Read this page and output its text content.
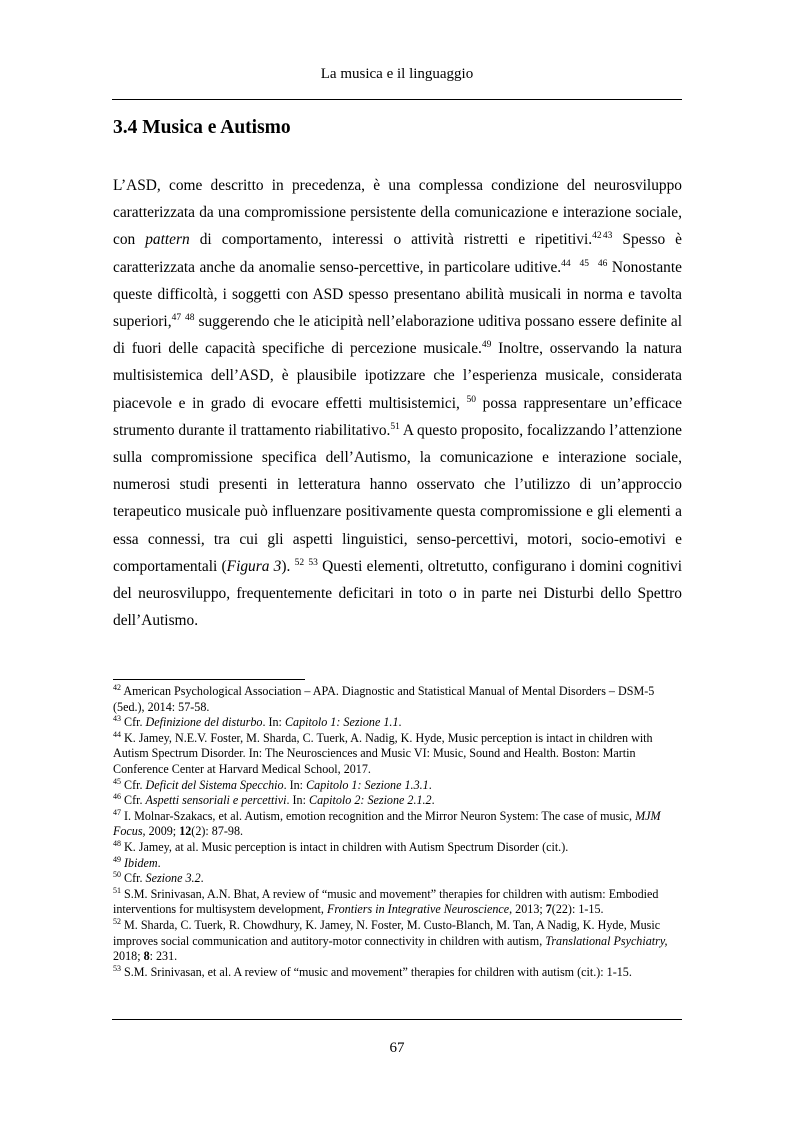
La musica e il linguaggio
3.4 Musica e Autismo

L’ASD, come descritto in precedenza, è una complessa condizione del neurosviluppo caratterizzata da una compromissione persistente della comunicazione e interazione sociale, con pattern di comportamento, interessi o attività ristretti e ripetitivi.$^{42}$ $^{43}$ Spesso è caratterizzata anche da anomalie senso-percettive, in particolare uditive.$^{44}$ $^{45}$ $^{46}$ Nonostante queste difficoltà, i soggetti con ASD spesso presentano abilità musicali in norma e tavolta superiori,$^{47}$ $^{48}$ suggerendo che le aticipità nell’elaborazione uditiva possano essere definite al di fuori delle capacità specifiche di percezione musicale.$^{49}$ Inoltre, osservando la natura multisistemica dell’ASD, è plausibile ipotizzare che l’esperienza musicale, considerata piacevole e in grado di evocare effetti multisistemici, $^{50}$ possa rappresentare un’efficace strumento durante il trattamento riabilitativo.$^{51}$ A questo proposito, focalizzando l’attenzione sulla compromissione specifica dell’Autismo, la comunicazione e interazione sociale, numerosi studi presenti in letteratura hanno osservato che l’utilizzo di un’approccio terapeutico musicale può influenzare positivamente questa compromissione e gli elementi a essa connessi, tra cui gli aspetti linguistici, senso-percettivi, motori, socio-emotivi e comportamentali (Figura 3). $^{52}$ $^{53}$ Questi elementi, oltretutto, configurano i domini cognitivi del neurosviluppo, frequentemente deficitari in toto o in parte nei Disturbi dello Spettro dell’Autismo.

$^{42}$ American Psychological Association – APA. Diagnostic and Statistical Manual of Mental Disorders – DSM-5 (5ed.), 2014: 57-58.
$^{43}$ Cfr. Definizione del disturbo. In: Capitolo 1: Sezione 1.1.
$^{44}$ K. Jamey, N.E.V. Foster, M. Sharda, C. Tuerk, A. Nadig, K. Hyde, Music perception is intact in children with Autism Spectrum Disorder. In: The Neurosciences and Music VI: Music, Sound and Health. Boston: Martin Conference Center at Harvard Medical School, 2017.
$^{45}$ Cfr. Deficit del Sistema Specchio. In: Capitolo 1: Sezione 1.3.1.
$^{46}$ Cfr. Aspetti sensoriali e percettivi. In: Capitolo 2: Sezione 2.1.2.
$^{47}$ I. Molnar-Szakacs, et al. Autism, emotion recognition and the Mirror Neuron System: The case of music, MJM Focus, 2009; 12(2): 87-98.
$^{48}$ K. Jamey, at al. Music perception is intact in children with Autism Spectrum Disorder (cit.).
$^{49}$ Ibidem.
$^{50}$ Cfr. Sezione 3.2.
$^{51}$ S.M. Srinivasan, A.N. Bhat, A review of “music and movement” therapies for children with autism: Embodied interventions for multisystem development, Frontiers in Integrative Neuroscience, 2013; 7(22): 1-15.
$^{52}$ M. Sharda, C. Tuerk, R. Chowdhury, K. Jamey, N. Foster, M. Custo-Blanch, M. Tan, A Nadig, K. Hyde, Music improves social communication and autitory-motor connectivity in children with autism, Translational Psychiatry, 2018; 8: 231.
$^{53}$ S.M. Srinivasan, et al. A review of “music and movement” therapies for children with autism (cit.): 1-15.
67
